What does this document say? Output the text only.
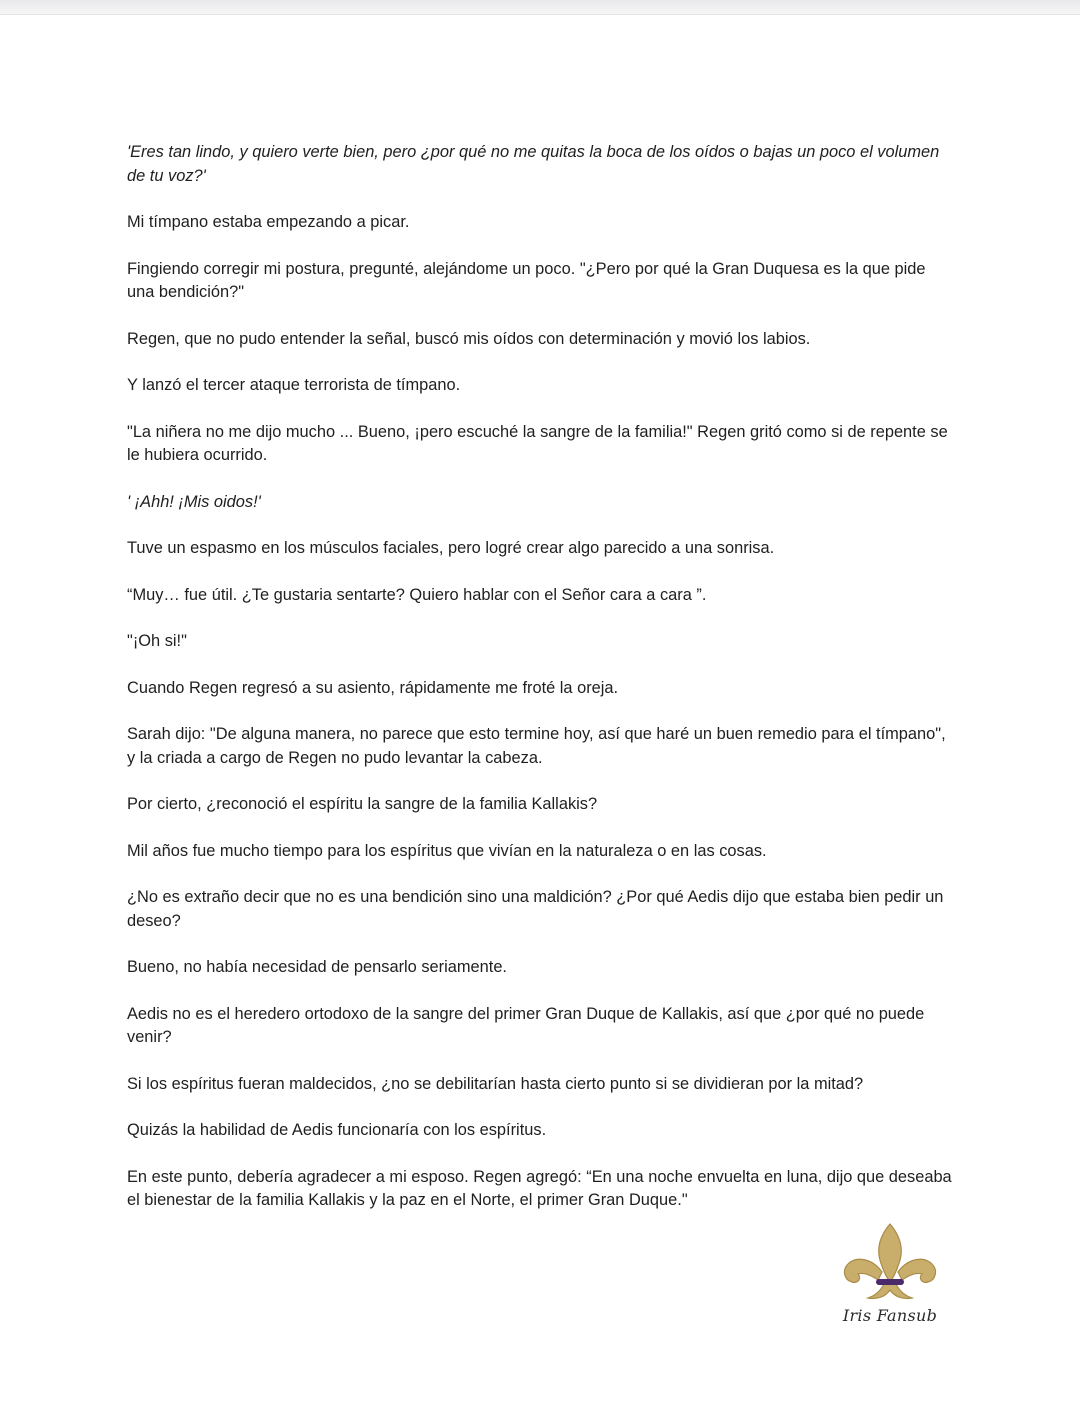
'Eres tan lindo, y quiero verte bien, pero ¿por qué no me quitas la boca de los oídos o bajas un poco el volumen de tu voz?'

Mi tímpano estaba empezando a picar.

Fingiendo corregir mi postura, pregunté, alejándome un poco. "¿Pero por qué la Gran Duquesa es la que pide una bendición?"

Regen, que no pudo entender la señal, buscó mis oídos con determinación y movió los labios.

Y lanzó el tercer ataque terrorista de tímpano.

"La niñera no me dijo mucho ... Bueno, ¡pero escuché la sangre de la familia!" Regen gritó como si de repente se le hubiera ocurrido.

' ¡Ahh! ¡Mis oidos!'

Tuve un espasmo en los músculos faciales, pero logré crear algo parecido a una sonrisa.

“Muy… fue útil. ¿Te gustaria sentarte? Quiero hablar con el Señor cara a cara ”.

"¡Oh si!"

Cuando Regen regresó a su asiento, rápidamente me froté la oreja.

Sarah dijo: "De alguna manera, no parece que esto termine hoy, así que haré un buen remedio para el tímpano", y la criada a cargo de Regen no pudo levantar la cabeza.

Por cierto, ¿reconoció el espíritu la sangre de la familia Kallakis?

Mil años fue mucho tiempo para los espíritus que vivían en la naturaleza o en las cosas.

¿No es extraño decir que no es una bendición sino una maldición? ¿Por qué Aedis dijo que estaba bien pedir un deseo?

Bueno, no había necesidad de pensarlo seriamente.

Aedis no es el heredero ortodoxo de la sangre del primer Gran Duque de Kallakis, así que ¿por qué no puede venir?

Si los espíritus fueran maldecidos, ¿no se debilitarían hasta cierto punto si se dividieran por la mitad?

Quizás la habilidad de Aedis funcionaría con los espíritus.

En este punto, debería agradecer a mi esposo. Regen agregó: “En una noche envuelta en luna, dijo que deseaba el bienestar de la familia Kallakis y la paz en el Norte, el primer Gran Duque."

Iris Fansub
